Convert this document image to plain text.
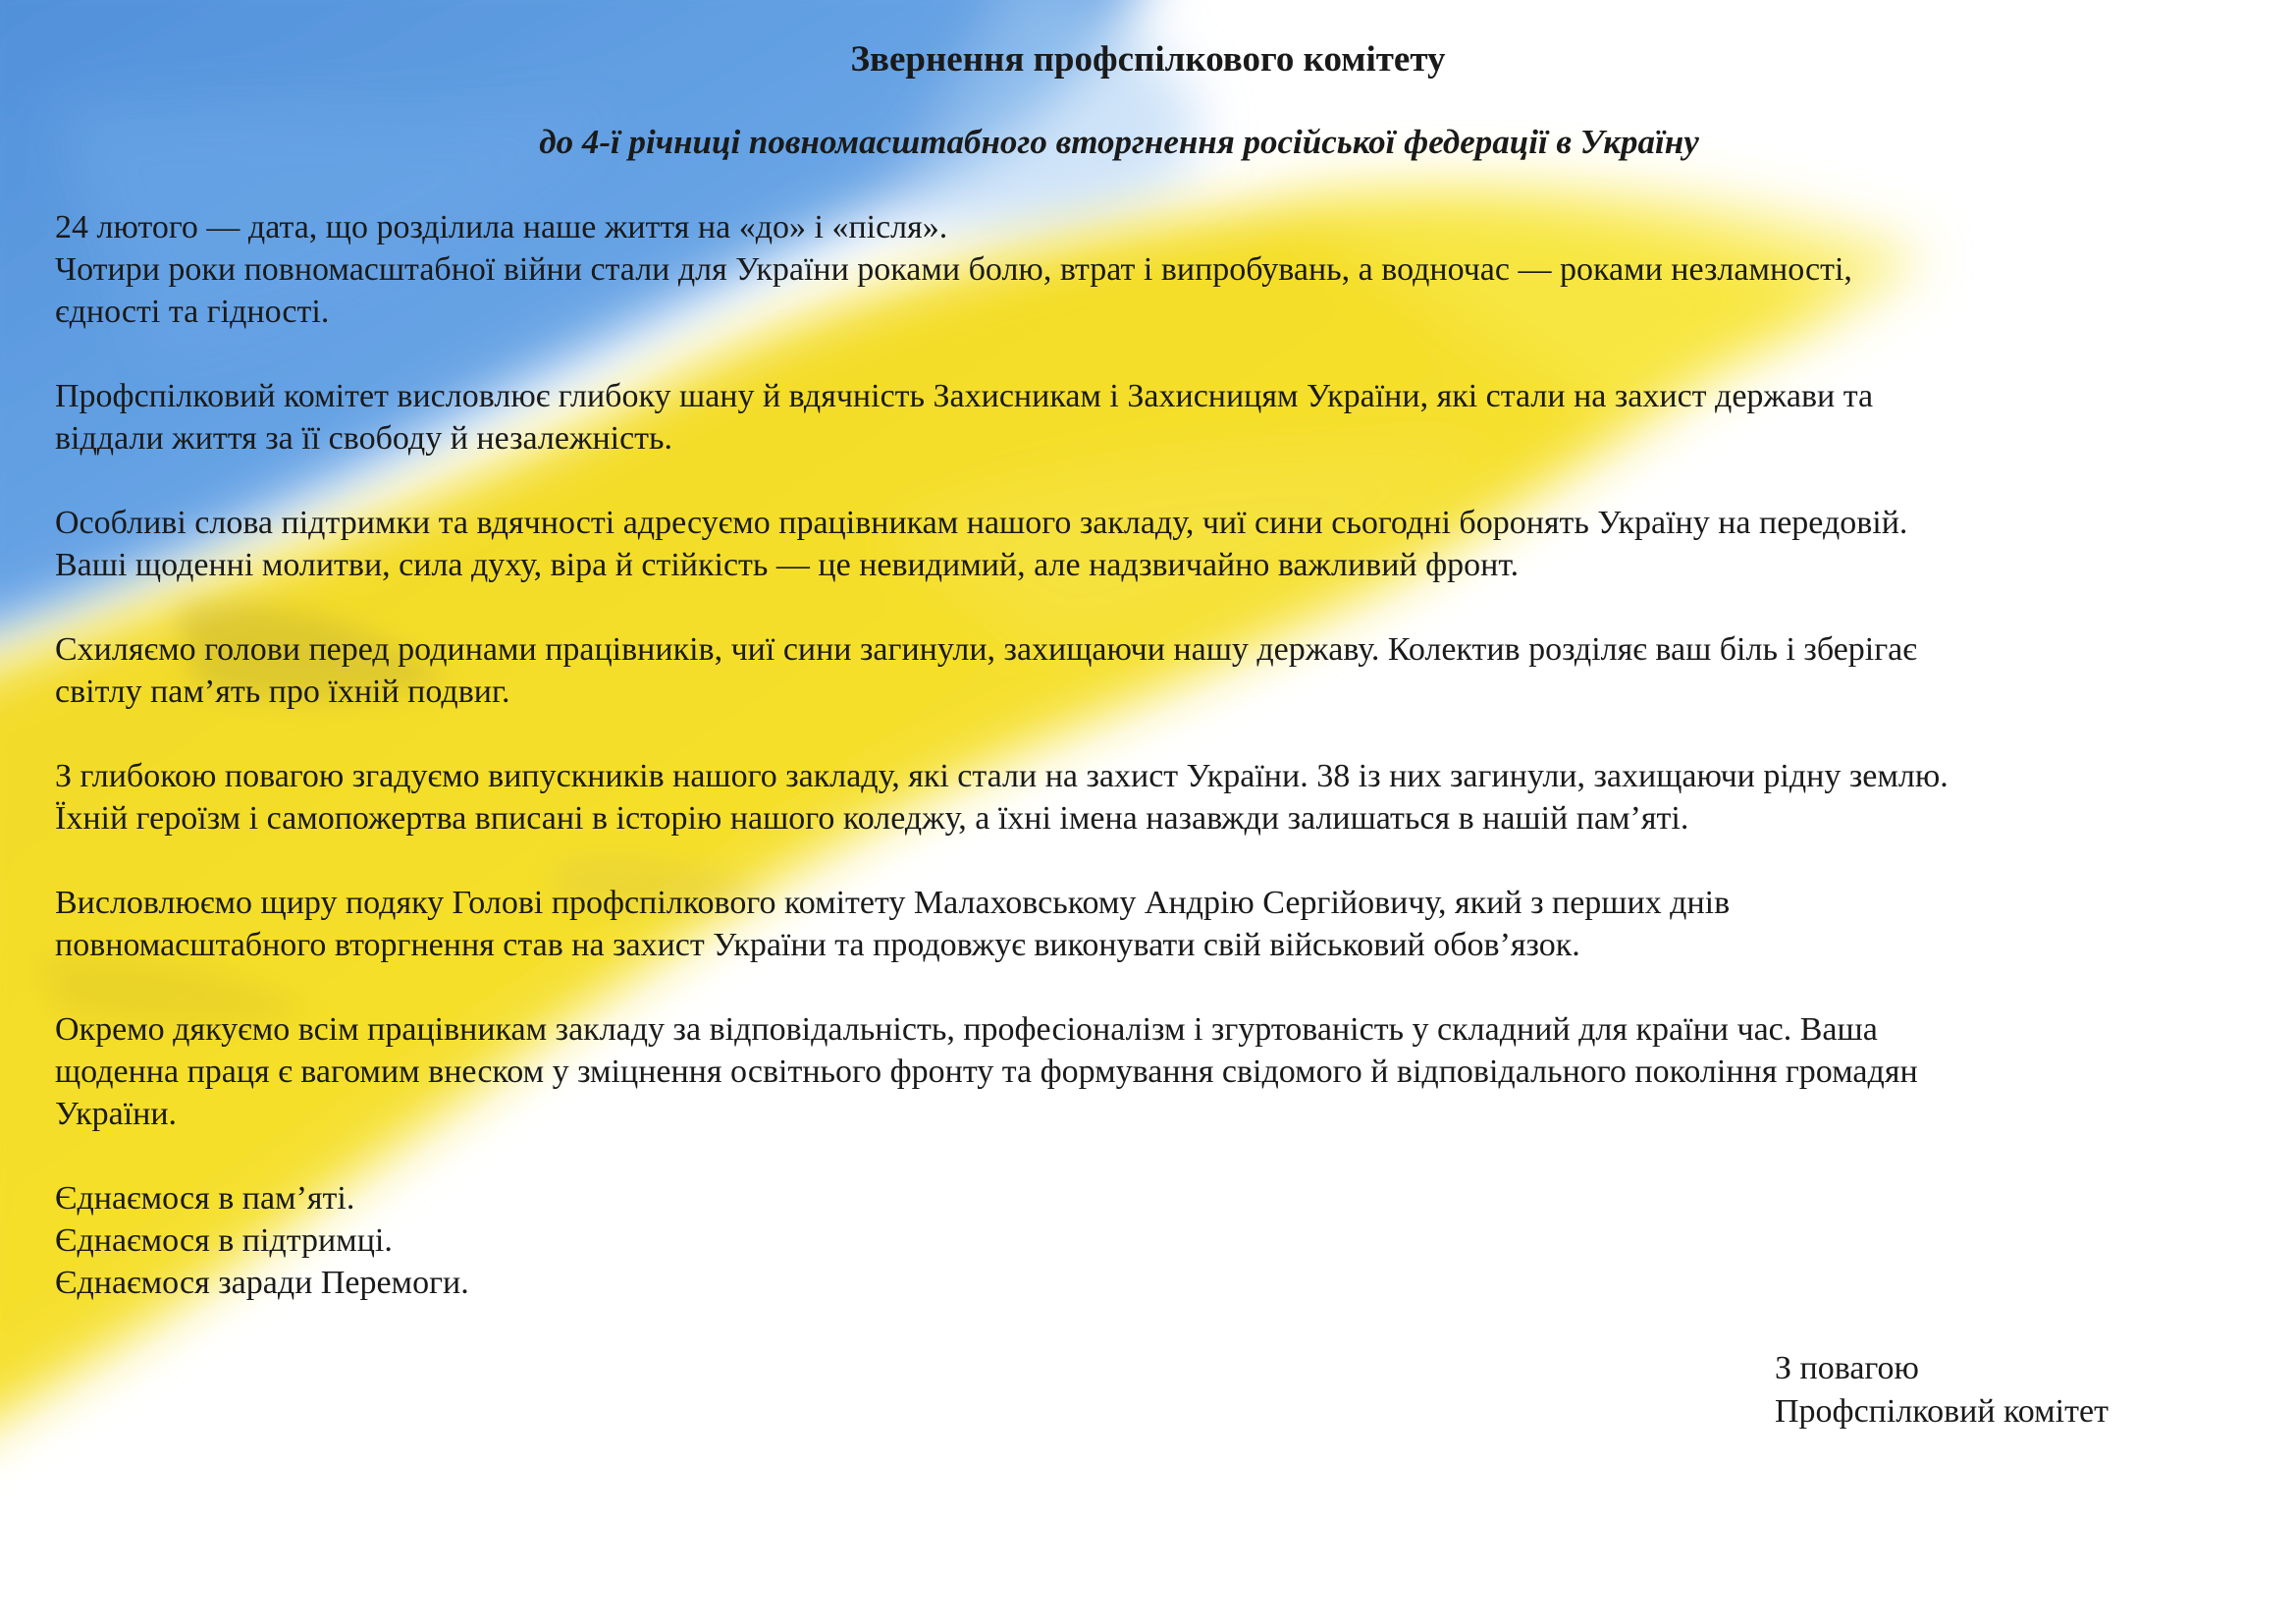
Звернення профспілкового комітету
до 4-ї річниці повномасштабного вторгнення російської федерації в Україну

24 лютого — дата, що розділила наше життя на «до» і «після».
Чотири роки повномасштабної війни стали для України роками болю, втрат і випробувань, а водночас — роками незламності,
єдності та гідності.

Профспілковий комітет висловлює глибоку шану й вдячність Захисникам і Захисницям України, які стали на захист держави та
віддали життя за її свободу й незалежність.

Особливі слова підтримки та вдячності адресуємо працівникам нашого закладу, чиї сини сьогодні боронять Україну на передовій.
Ваші щоденні молитви, сила духу, віра й стійкість — це невидимий, але надзвичайно важливий фронт.

Схиляємо голови перед родинами працівників, чиї сини загинули, захищаючи нашу державу. Колектив розділяє ваш біль і зберігає
світлу пам’ять про їхній подвиг.

З глибокою повагою згадуємо випускників нашого закладу, які стали на захист України. 38 із них загинули, захищаючи рідну землю.
Їхній героїзм і самопожертва вписані в історію нашого коледжу, а їхні імена назавжди залишаться в нашій пам’яті.

Висловлюємо щиру подяку Голові профспілкового комітету Малаховському Андрію Сергійовичу, який з перших днів
повномасштабного вторгнення став на захист України та продовжує виконувати свій військовий обов’язок.

Окремо дякуємо всім працівникам закладу за відповідальність, професіоналізм і згуртованість у складний для країни час. Ваша
щоденна праця є вагомим внеском у зміцнення освітнього фронту та формування свідомого й відповідального покоління громадян
України.

Єднаємося в пам’яті.
Єднаємося в підтримці.
Єднаємося заради Перемоги.

З повагою
Профспілковий комітет
